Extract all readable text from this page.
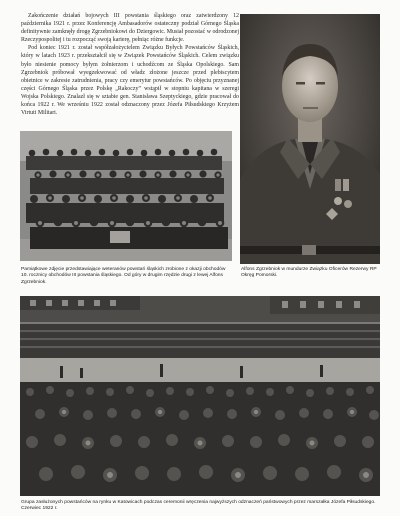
Zakończenie działań bojowych III powstania śląskiego oraz zatwierdzony 12 października 1921 r. przez Konferencję Ambasadorów ostateczny podział Górnego Śląska definitywnie zamknęły drogę Zgrzebniokowi do Dziergowic. Musiał pozostać w odrodzonej Rzeczypospolitej i tu rozpocząć swoją karierę, pełniąc różne funkcje.

Pod koniec 1921 r. został współzałożycielem Związku Byłych Powstańców Śląskich, który w latach 1923 r. przekształcił się w Związek Powstańców Śląskich. Celem związku było niesienie pomocy byłym żołnierzom i uchodźcom ze Śląska Opolskiego. Sam Zgrzebniok próbował wyegzekwować od władz złożone jeszcze przed plebiscytem obietnice w zakresie zatrudnienia, pracy czy emerytur powstańców. Po objęciu przyznanej części Górnego Śląska przez Polskę „Rakoczy” wstąpił w stopniu kapitana w szeregi Wojska Polskiego. Znalazł się w sztabie gen. Stanisława Szeptyckiego, gdzie pracował do końca 1922 r. We wrześniu 1922 został odznaczony przez Józefa Piłsudskiego Krzyżem Virtuti Militari.

Pamiątkowe zdjęcie przedstawiające weteranów powstań śląskich zrobione z okazji obchodów 10. rocznicy obchodów III powstania śląskiego. Od góry w drugim rzędzie drugi z lewej Alfons Zgrzebniok.

Alfons Zgrzebniok w mundurze Związku Oficerów Rezerwy RP Okręg Pomorski.

Grupa zasłużonych powstańców na rynku w Katowicach podczas ceremonii wręczenia najwyższych odznaczeń państwowych przez marszałka Józefa Piłsudskiego. Czerwiec 1922 r.
